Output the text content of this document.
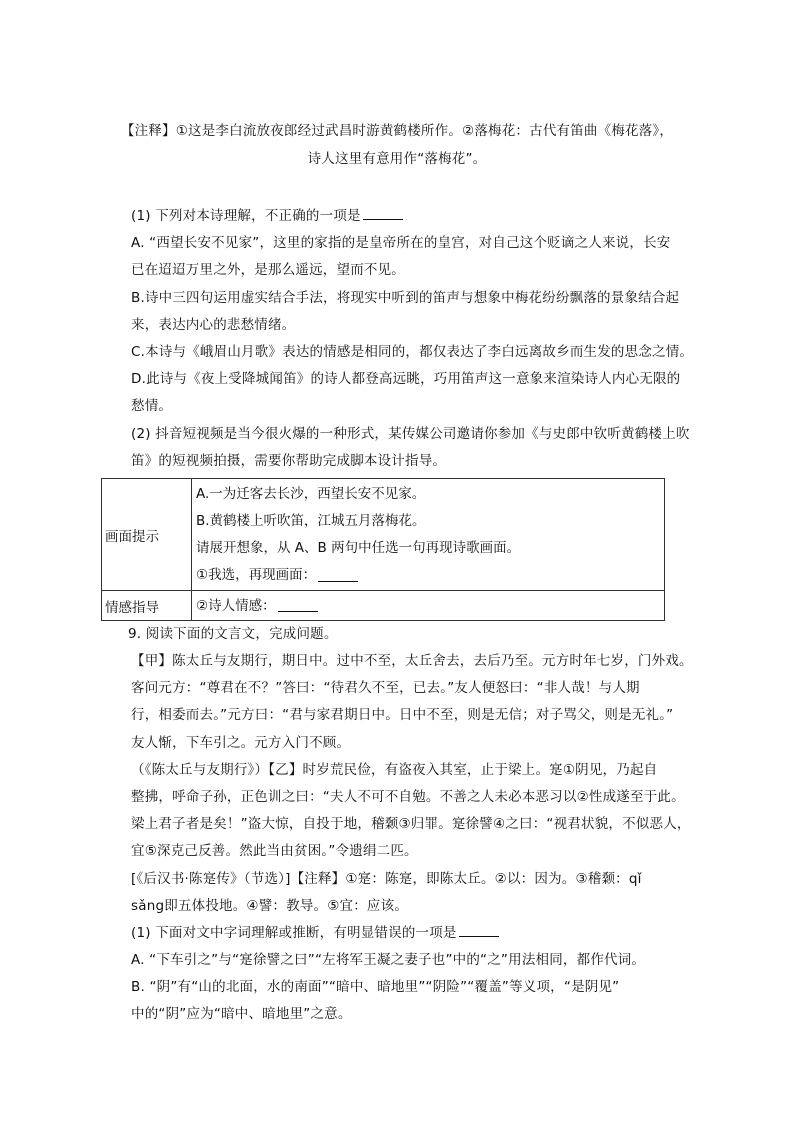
【注释】①这是李白流放夜郎经过武昌时游黄鹤楼所作。②落梅花：古代有笛曲《梅花落》，
诗人这里有意用作“落梅花”。
(1) 下列对本诗理解，不正确的一项是
A. “西望长安不见家”，这里的家指的是皇帝所在的皇宫，对自己这个贬谪之人来说，长安
已在迢迢万里之外，是那么遥远，望而不见。
B.诗中三四句运用虚实结合手法，将现实中听到的笛声与想象中梅花纷纷飘落的景象结合起
来，表达内心的悲愁情绪。
C.本诗与《峨眉山月歌》表达的情感是相同的，都仅表达了李白远离故乡而生发的思念之情。
D.此诗与《夜上受降城闻笛》的诗人都登高远眺，巧用笛声这一意象来渲染诗人内心无限的
愁情。
(2) 抖音短视频是当今很火爆的一种形式，某传媒公司邀请你参加《与史郎中钦听黄鹤楼上吹
笛》的短视频拍摄，需要你帮助完成脚本设计指导。
画面提示	A.一为迁客去长沙，西望长安不见家。
B.黄鹤楼上听吹笛，江城五月落梅花。
请展开想象，从 A、B 两句中任选一句再现诗歌画面。
①我选，再现画面：

情感指导	②诗人情感：
9. 阅读下面的文言文，完成问题。
【甲】陈太丘与友期行，期日中。过中不至，太丘舍去，去后乃至。元方时年七岁，门外戏。
客问元方：“尊君在不？”答曰：“待君久不至，已去。”友人便怒曰：“非人哉！与人期
行，相委而去。”元方曰：“君与家君期日中。日中不至，则是无信；对子骂父，则是无礼。”
友人惭，下车引之。元方入门不顾。
（《陈太丘与友期行》）【乙】时岁荒民俭，有盗夜入其室，止于梁上。寔①阴见，乃起自
整拂，呼命子孙，正色训之曰：“夫人不可不自勉。不善之人未必本恶习以②性成遂至于此。
梁上君子者是矣！”盗大惊，自投于地，稽颡③归罪。寔徐譬④之曰：“视君状貌，不似恶人，
宜⑤深克己反善。然此当由贫困。”令遗绢二匹。
[《后汉书·陈寔传》（节选）]【注释】①寔：陈寔，即陈太丘。②以：因为。③稽颡：qǐ
sǎng即五体投地。④譬：教导。⑤宜：应该。
(1) 下面对文中字词理解或推断，有明显错误的一项是
A. “下车引之”与“寔徐譬之曰”“左将军王凝之妻子也”中的“之”用法相同，都作代词。
B. “阴”有“山的北面，水的南面”“暗中、暗地里”“阴险”“覆盖”等义项，“是阴见”
中的“阴”应为“暗中、暗地里”之意。
